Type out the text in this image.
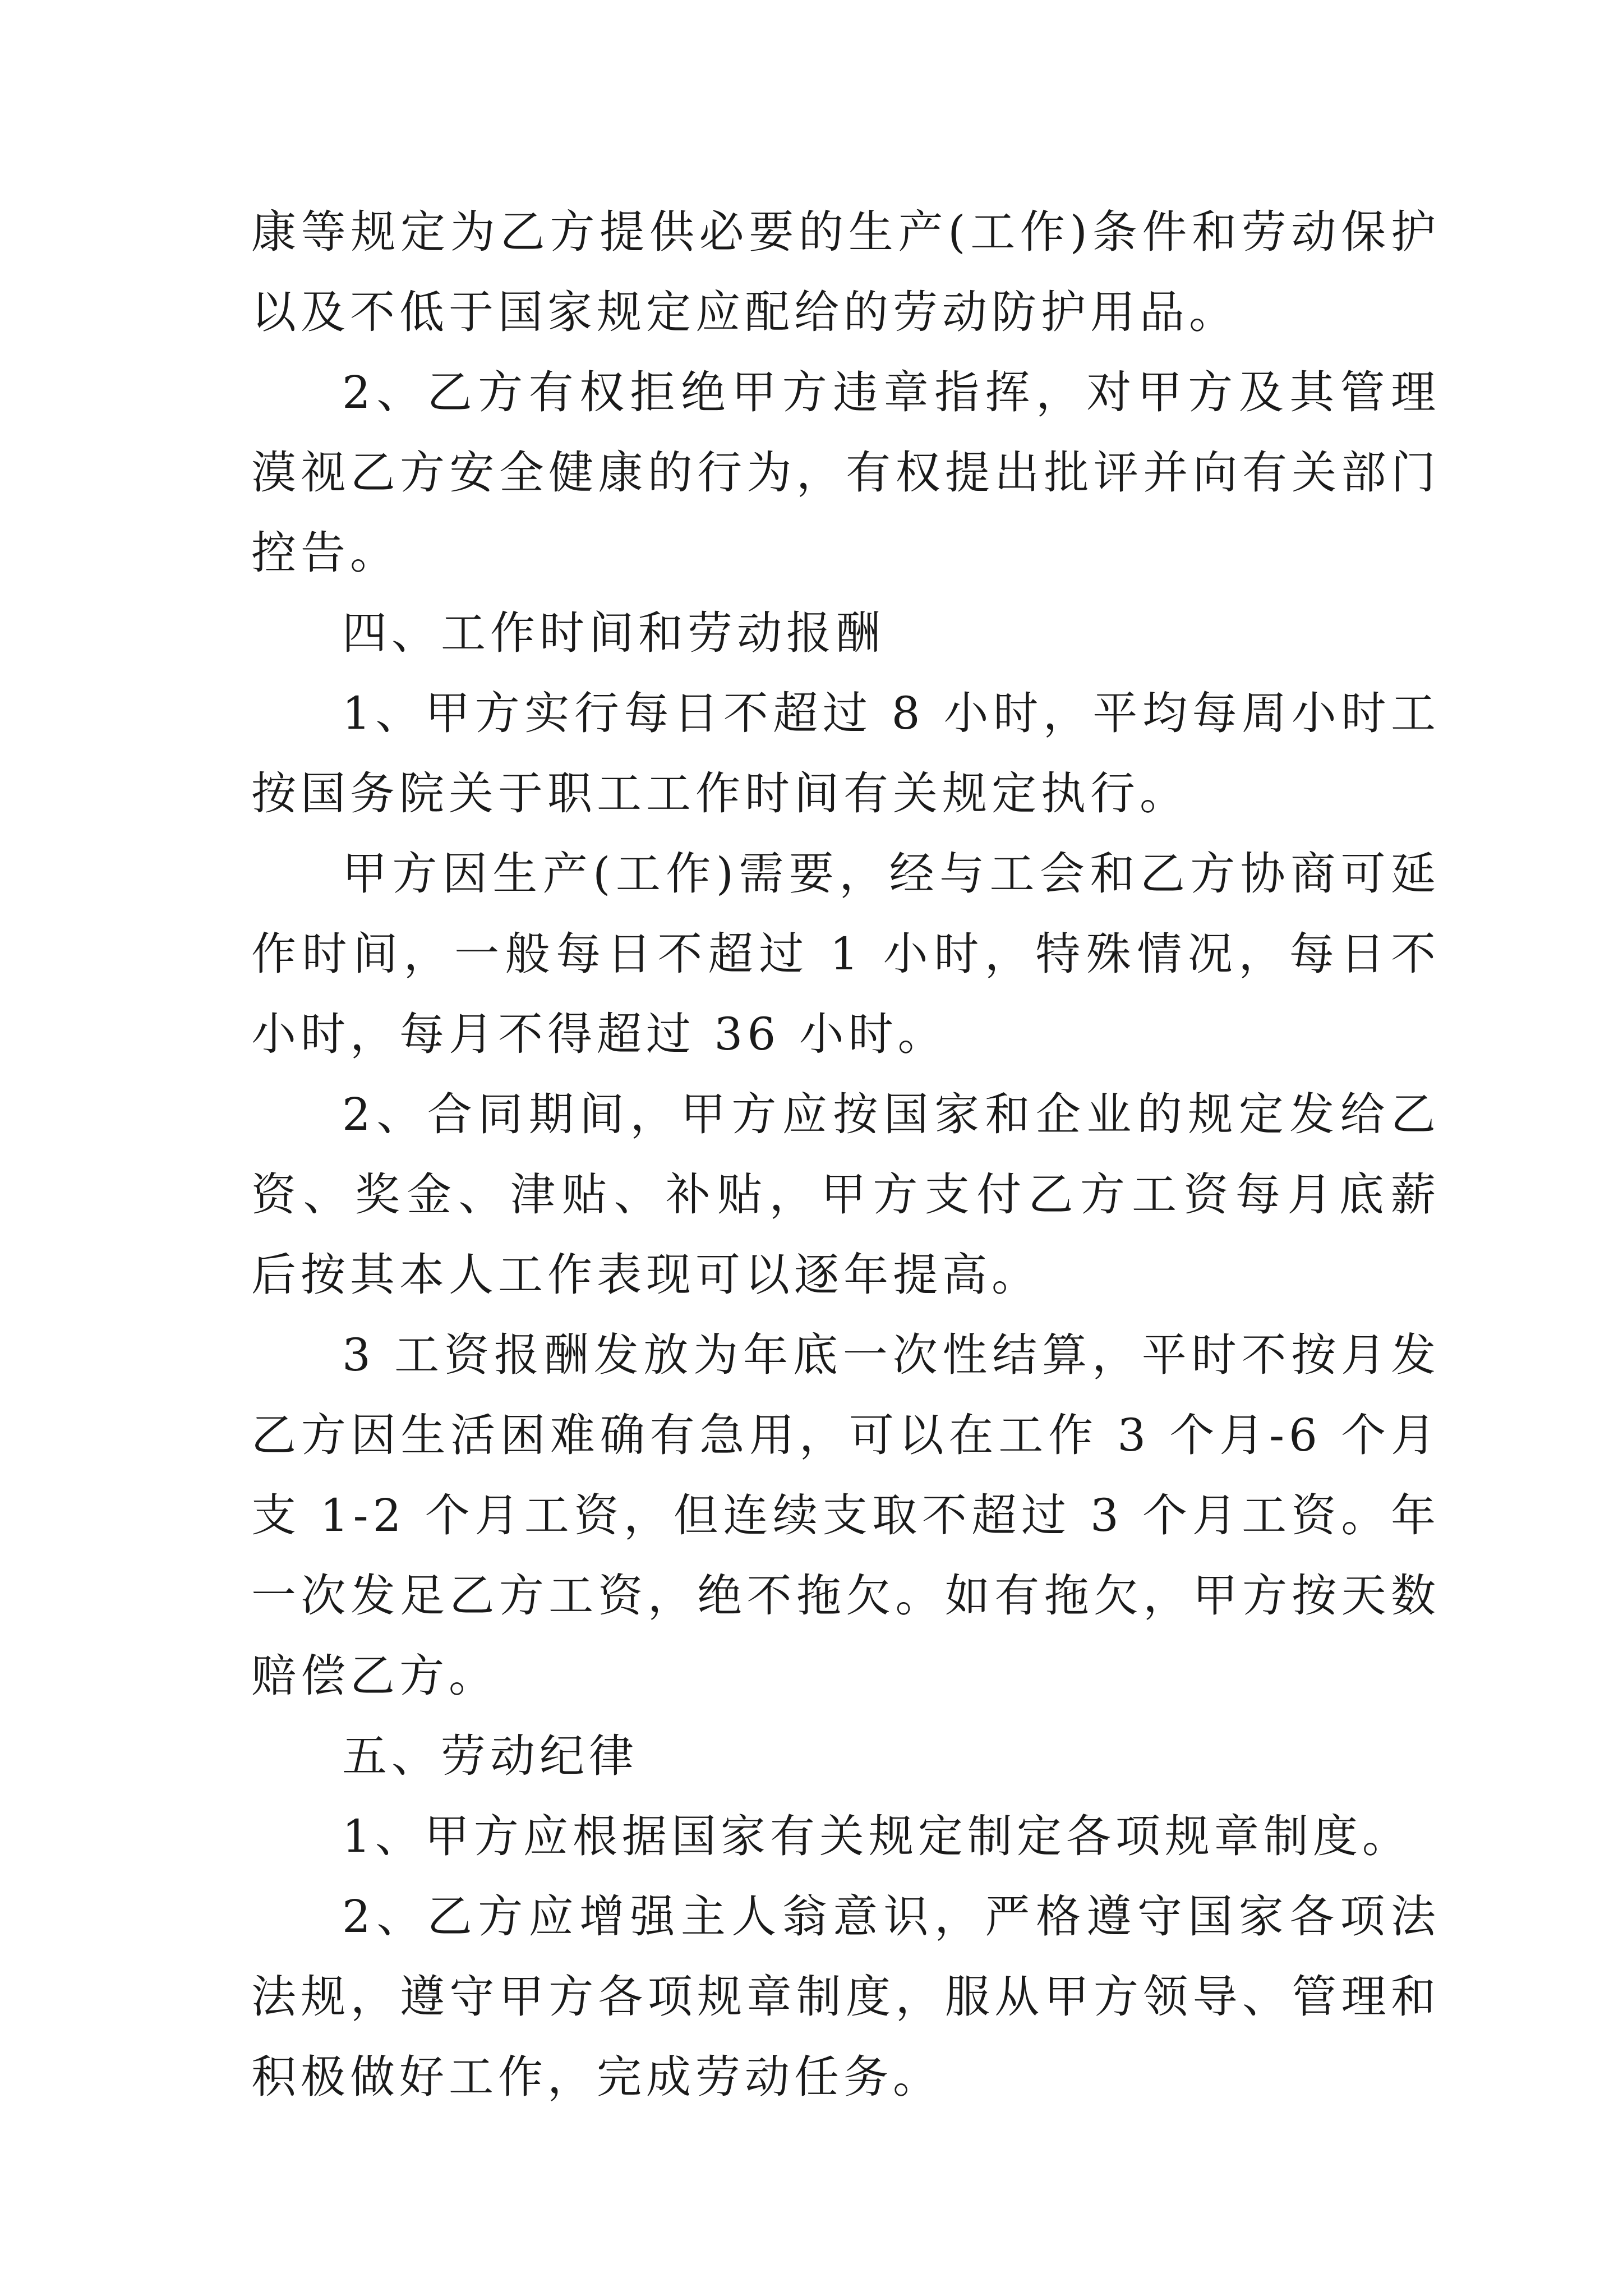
康等规定为乙方提供必要的生产(工作)条件和劳动保护
以及不低于国家规定应配给的劳动防护用品。
2、乙方有权拒绝甲方违章指挥，对甲方及其管理
漠视乙方安全健康的行为，有权提出批评并向有关部门
控告。
四、工作时间和劳动报酬
1、甲方实行每日不超过 8 小时，平均每周小时工
按国务院关于职工工作时间有关规定执行。
甲方因生产(工作)需要，经与工会和乙方协商可延
作时间，一般每日不超过 1 小时，特殊情况，每日不
小时，每月不得超过 36 小时。
2、合同期间，甲方应按国家和企业的规定发给乙
资、奖金、津贴、补贴，甲方支付乙方工资每月底薪
后按其本人工作表现可以逐年提高。
3 工资报酬发放为年底一次性结算，平时不按月发
乙方因生活困难确有急用，可以在工作 3 个月-6 个月
支 1-2 个月工资，但连续支取不超过 3 个月工资。年
一次发足乙方工资，绝不拖欠。如有拖欠，甲方按天数
赔偿乙方。
五、劳动纪律
1、甲方应根据国家有关规定制定各项规章制度。
2、乙方应增强主人翁意识，严格遵守国家各项法
法规，遵守甲方各项规章制度，服从甲方领导、管理和
积极做好工作，完成劳动任务。
